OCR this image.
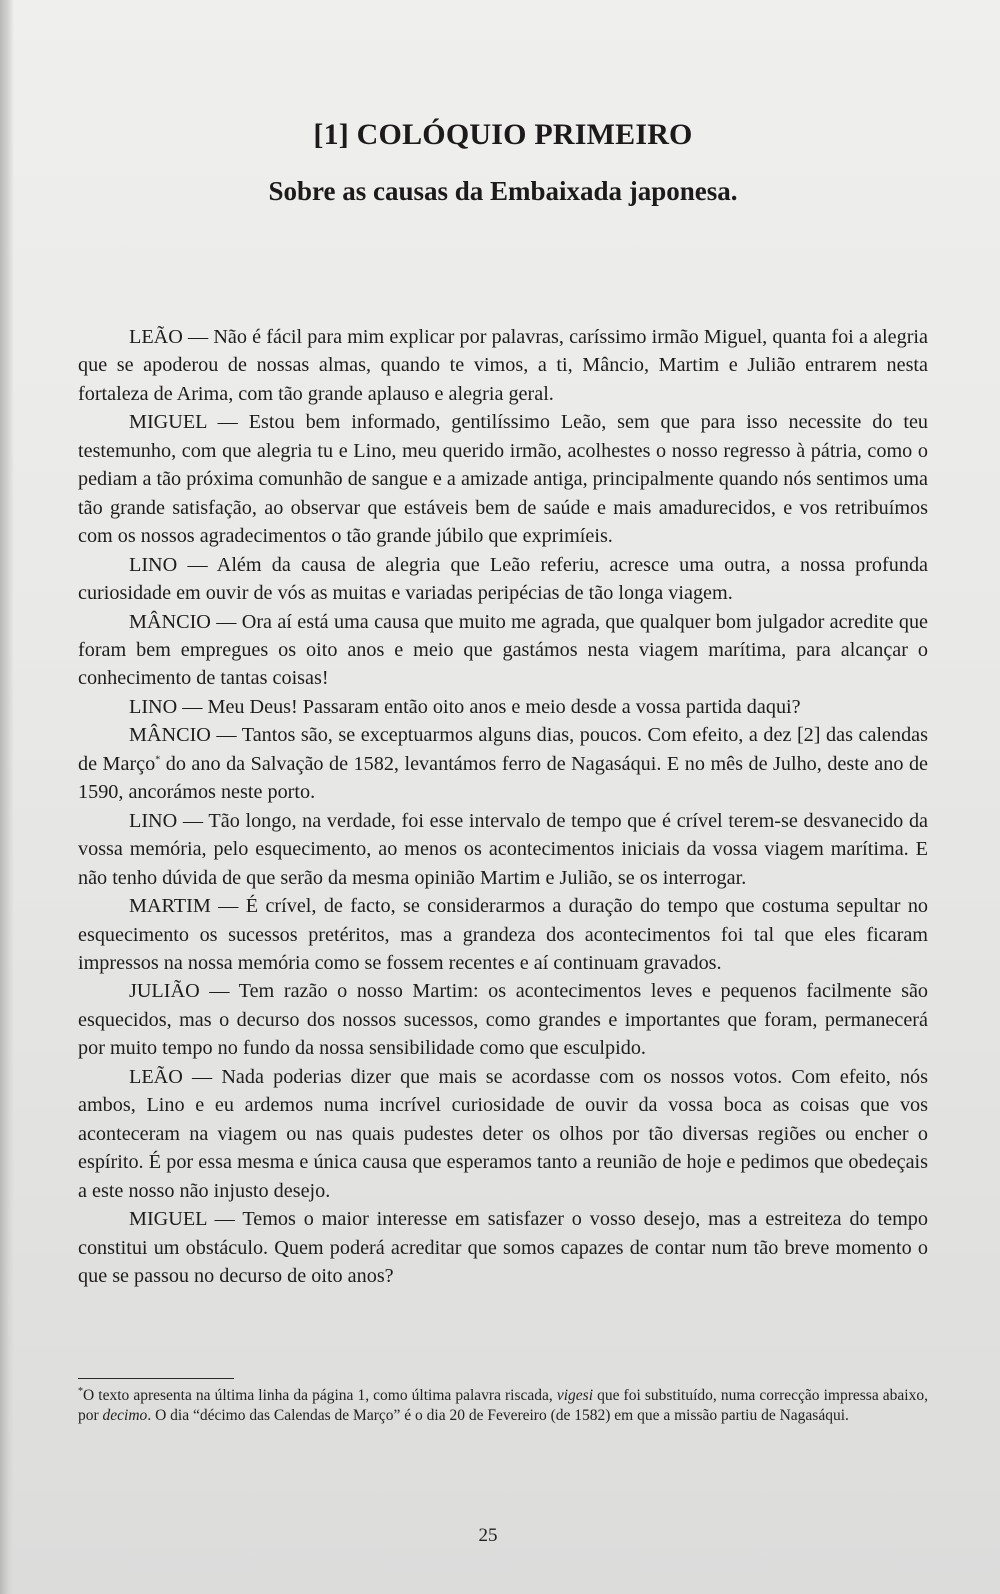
[1] COLÓQUIO PRIMEIRO
Sobre as causas da Embaixada japonesa.

LEÃO — Não é fácil para mim explicar por palavras, caríssimo irmão Miguel, quanta foi a alegria que se apoderou de nossas almas, quando te vimos, a ti, Mâncio, Martim e Julião entrarem nesta fortaleza de Arima, com tão grande aplauso e alegria geral.

MIGUEL — Estou bem informado, gentilíssimo Leão, sem que para isso necessite do teu testemunho, com que alegria tu e Lino, meu querido irmão, acolhestes o nosso regresso à pátria, como o pediam a tão próxima comunhão de sangue e a amizade antiga, principalmente quando nós sentimos uma tão grande satisfação, ao observar que estáveis bem de saúde e mais amadurecidos, e vos retribuímos com os nossos agradecimentos o tão grande júbilo que exprimíeis.

LINO — Além da causa de alegria que Leão referiu, acresce uma outra, a nossa profunda curiosidade em ouvir de vós as muitas e variadas peripécias de tão longa viagem.

MÂNCIO — Ora aí está uma causa que muito me agrada, que qualquer bom julgador acredite que foram bem empregues os oito anos e meio que gastámos nesta viagem marítima, para alcançar o conhecimento de tantas coisas!

LINO — Meu Deus! Passaram então oito anos e meio desde a vossa partida daqui?

MÂNCIO — Tantos são, se exceptuarmos alguns dias, poucos. Com efeito, a dez [2] das calendas de Março* do ano da Salvação de 1582, levantámos ferro de Nagasáqui. E no mês de Julho, deste ano de 1590, ancorámos neste porto.

LINO — Tão longo, na verdade, foi esse intervalo de tempo que é crível terem-se desvanecido da vossa memória, pelo esquecimento, ao menos os acontecimentos iniciais da vossa viagem marítima. E não tenho dúvida de que serão da mesma opinião Martim e Julião, se os interrogar.

MARTIM — É crível, de facto, se considerarmos a duração do tempo que costuma sepultar no esquecimento os sucessos pretéritos, mas a grandeza dos acontecimentos foi tal que eles ficaram impressos na nossa memória como se fossem recentes e aí continuam gravados.

JULIÃO — Tem razão o nosso Martim: os acontecimentos leves e pequenos facilmente são esquecidos, mas o decurso dos nossos sucessos, como grandes e importantes que foram, permanecerá por muito tempo no fundo da nossa sensibilidade como que esculpido.

LEÃO — Nada poderias dizer que mais se acordasse com os nossos votos. Com efeito, nós ambos, Lino e eu ardemos numa incrível curiosidade de ouvir da vossa boca as coisas que vos aconteceram na viagem ou nas quais pudestes deter os olhos por tão diversas regiões ou encher o espírito. É por essa mesma e única causa que esperamos tanto a reunião de hoje e pedimos que obedeçais a este nosso não injusto desejo.

MIGUEL — Temos o maior interesse em satisfazer o vosso desejo, mas a estreiteza do tempo constitui um obstáculo. Quem poderá acreditar que somos capazes de contar num tão breve momento o que se passou no decurso de oito anos?

*O texto apresenta na última linha da página 1, como última palavra riscada, vigesi que foi substituído, numa correcção impressa abaixo, por decimo. O dia “décimo das Calendas de Março” é o dia 20 de Fevereiro (de 1582) em que a missão partiu de Nagasáqui.
25
